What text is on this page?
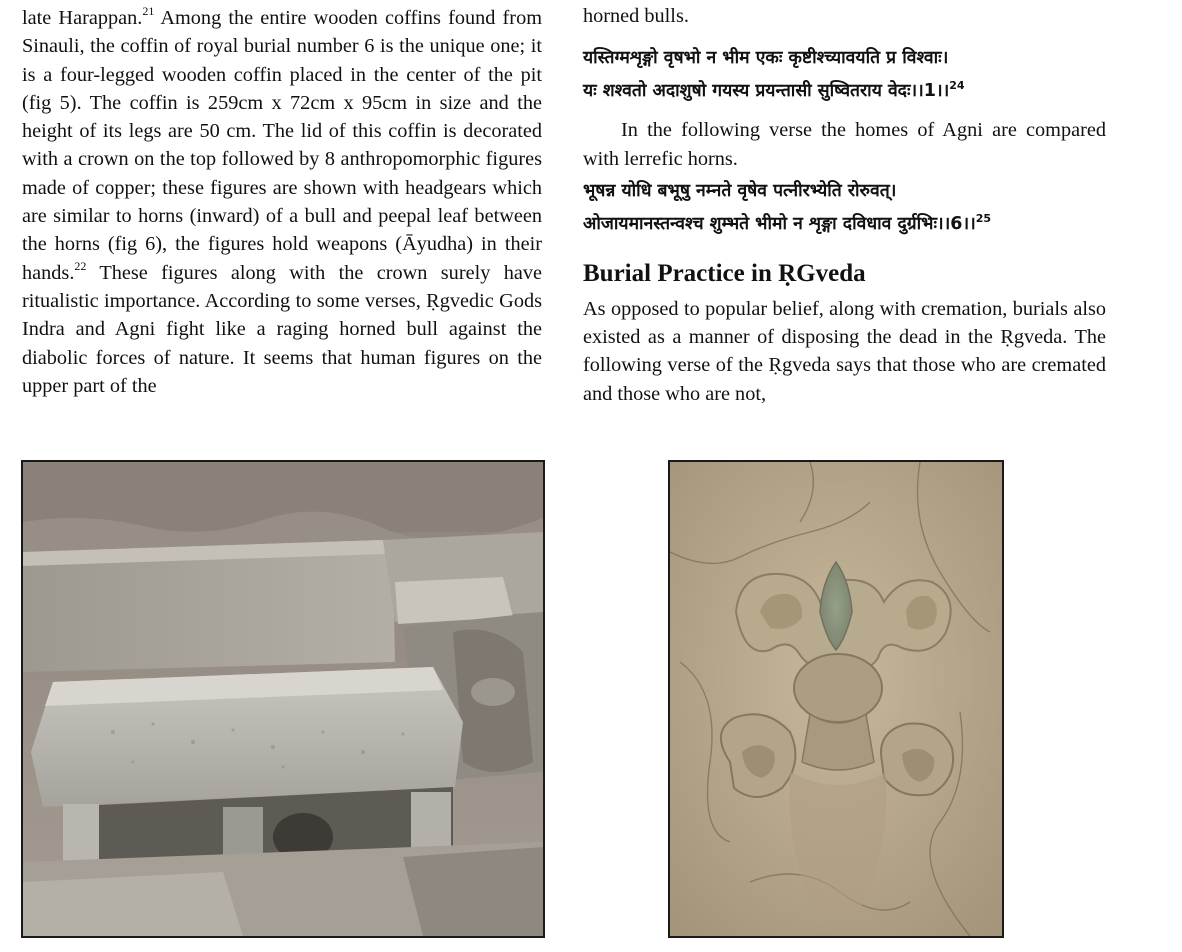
late Harappan.$^{21}$ Among the entire wooden coffins found from Sinauli, the coffin of royal burial number 6 is the unique one; it is a four-legged wooden coffin placed in the center of the pit (fig 5). The coffin is 259cm x 72cm x 95cm in size and the height of its legs are 50 cm. The lid of this coffin is decorated with a crown on the top followed by 8 anthropomorphic figures made of copper; these figures are shown with headgears which are similar to horns (inward) of a bull and peepal leaf between the horns (fig 6), the figures hold weapons (Āyudha) in their hands.$^{22}$ These figures along with the crown surely have ritualistic importance. According to some verses, Ṛgvedic Gods Indra and Agni fight like a raging horned bull against the diabolic forces of nature. It seems that human figures on the upper part of the

horned bulls.

यस्तिग्मशृङ्गो वृषभो न भीम एकः कृष्टीश्च्यावयति प्र विश्वाः।

यः शश्वतो अदाशुषो गयस्य प्रयन्तासी सुष्वितराय वेदः।।1।।$^{24}$

In the following verse the homes of Agni are compared with lerrefic horns.

भूषन्न योधि बभूषु नम्नते वृषेव पत्नीरभ्येति रोरुवत्।

ओजायमानस्तन्वश्च शुम्भते भीमो न शृङ्गा दविधाव दुर्ग्रभिः।।6।।$^{25}$

Burial Practice in ṚGveda

As opposed to popular belief, along with cremation, burials also existed as a manner of disposing the dead in the Ṛgveda. The following verse of the Ṛgveda says that those who are cremated and those who are not,
